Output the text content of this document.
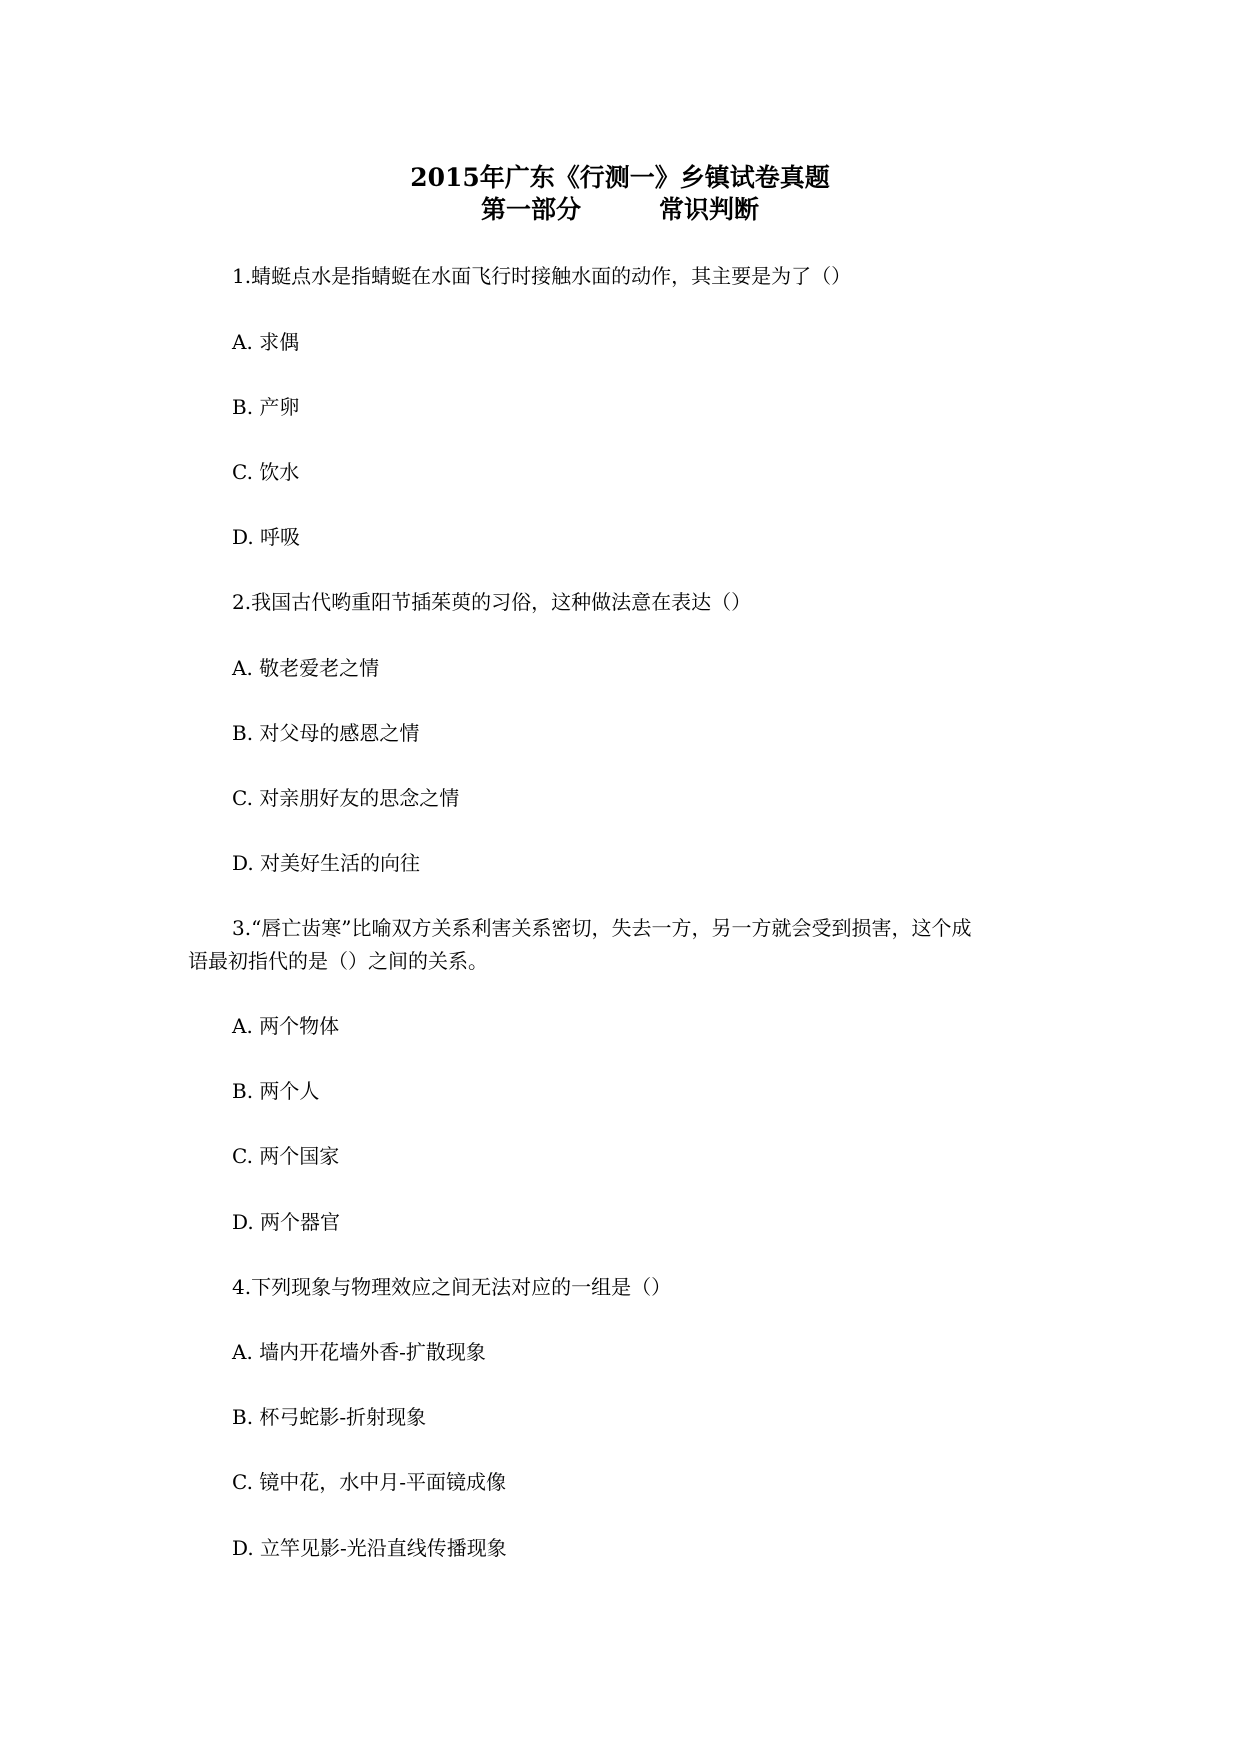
2015年广东《行测一》乡镇试卷真题
第一部分	常识判断
1.蜻蜓点水是指蜻蜓在水面飞行时接触水面的动作，其主要是为了（）
A. 求偶
B. 产卵
C. 饮水
D. 呼吸
2.我国古代哟重阳节插茱萸的习俗，这种做法意在表达（）
A. 敬老爱老之情
B. 对父母的感恩之情
C. 对亲朋好友的思念之情
D. 对美好生活的向往
3.“唇亡齿寒”比喻双方关系利害关系密切，失去一方，另一方就会受到损害，这个成
语最初指代的是（）之间的关系。
A. 两个物体
B. 两个人
C. 两个国家
D. 两个器官
4.下列现象与物理效应之间无法对应的一组是（）
A. 墙内开花墙外香-扩散现象
B. 杯弓蛇影-折射现象
C. 镜中花，水中月-平面镜成像
D. 立竿见影-光沿直线传播现象
